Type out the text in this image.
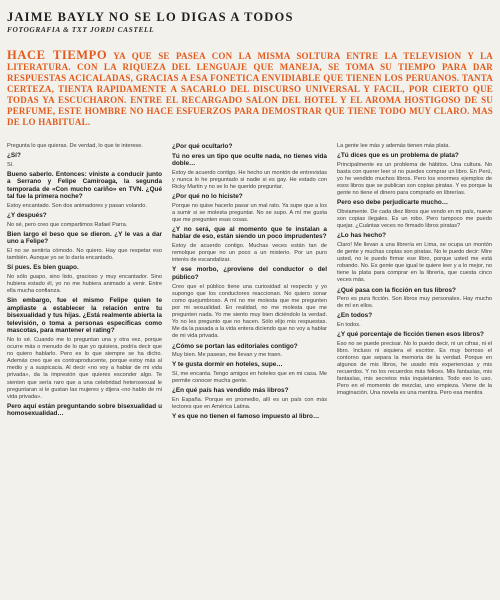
JAIME BAYLY NO SE LO DIGAS A TODOS
FOTOGRAFIA & TXT JORDI CASTELL
HACE TIEMPO YA QUE SE PASEA CON LA MISMA SOLTURA ENTRE LA TELEVISION Y LA LITERATURA. CON LA RIQUEZA DEL LENGUAJE QUE MANEJA, SE TOMA SU TIEMPO PARA DAR RESPUESTAS ACICALADAS, GRACIAS A ESA FONETICA ENVIDIABLE QUE TIENEN LOS PERUANOS. TANTA CERTEZA, TIENTA RAPIDAMENTE A SACARLO DEL DISCURSO UNIVERSAL Y FACIL, POR CIERTO QUE TODAS YA ESCUCHARON. ENTRE EL RECARGADO SALON DEL HOTEL Y EL AROMA HOSTIGOSO DE SU PERFUME, ESTE HOMBRE NO HACE ESFUERZOS PARA DEMOSTRAR QUE TIENE TODO MUY CLARO. MAS DE LO HABITUAL.

Pregunta lo que quieras. De verdad, lo que te interese.

¿Sí?

Sí.

Bueno saberlo. Entonces: viniste a conducir junto a Serrano y Felipe Camiroaga, la segunda temporada de «Con mucho cariño» en TVN. ¿Qué tal fue la primera noche?

Estoy encantado. Son dos animadores y pasan volando.

¿Y después?

No sé, pero creo que compartimos Rafael Parra.

Bien largo el beso que se dieron. ¿Y le vas a dar uno a Felipe?

El no se sentiría cómodo. No quiero. Hay que respetar eso también. Aunque yo se lo daría encantado.

Sí pues. Es bien guapo.

No sólo guapo, sino listo, gracioso y muy encantador. Sino hubiera estado él, yo no me hubiera animado a venir. Entre ella mucha confianza.

Sin embargo, fue el mismo Felipe quien te ampliaste a establecer la relación entre tu bisexualidad y tus hijas. ¿Está realmente abierta la televisión, o toma a personas especificas como mascotas, para mantener el rating?

No lo sé. Cuando me lo preguntan una y otra vez, porque ocurre más o menudo de lo que yo quisiera, podría decir que no quiero hablarlo. Pero es lo que siempre se ha dicho. Además creo que es contraproducente, porque estoy más al medio y a suspicacia. Al decir «no voy a hablar de mi vida privada», da la impresión que quieres esconder algo. Te sienten que sería raro que a una celebridad heterosexual le preguntaran si le gustan las mujeres y dijera «no hablo de mi vida privada».

Pero aquí están preguntando sobre bisexualidad u homosexualidad…

¿Por qué ocultarlo?

Tú no eres un tipo que oculte nada, no tienes vida doble…

Estoy de acuerdo contigo. He hecho un montón de entrevistas y nunca lo he preguntado si nadie si es gay. He estado con Ricky Martin y no se lo he querido preguntar.

¿Por qué no lo hiciste?

Porque no quise hacerlo pasar un mal rato. Ya supe que a los a sumir si se molesta preguntar. No se supo. A mí me gusta que me pregunten esas cosas.

¿Y no será, que al momento que te instalan a hablar de eso, están siendo un poco imprudentes?

Estoy de acuerdo contigo. Muchas veces están tan de remolque porque no un poco a un misterio. Por un puro interés de escandalizar.

Y ese morbo, ¿proviene del conductor o del público?

Creo que el público tiene una curiosidad al respecto y yo supongo que los conductores reaccionan. No quiero sonar como quejumbroso. A mí no me molesta que me pregunten por mi sexualidad. En realidad, no me molesta que me pregunten nada. Yo me siento muy bien diciéndolo la verdad. Yo no les pregunto que no hacen. Sólo elijo mis respuestas. Me da la pasada a la vida entera diciendo que no voy a hablar de mi vida privada.

¿Cómo se portan las editoriales contigo?

Muy bien. Me pasean, me llevan y me traen.

Y te gusta dormir en hoteles, supe…

Sí, me encanta. Tengo amigos en hoteles que en mi casa. Me permite conocer mucha gente.

¿En qué país has vendido más libros?

En España. Porque en promedio, allí es un país con más lectores que en América Latina.

Y es que no tienen el famoso impuesto al libro…

La gente lee más y además tienen más plata.

¿Tú dices que es un problema de plata?

Principalmente es un problema de hábitos. Una cultura. No basta con querer leer si no puedes comprar un libro. En Perú, yo he vendido muchos libros. Pero los enormes ejemplos de esos libros que se publican son copias piratas. Y es porque la gente no tiene el dinero para comprarlo en librerías.

Pero eso debe perjudicarte mucho…

Obviamente. De cada diez libros que vendo en mi país, nueve son copias ilegales. Es un robo. Pero tampoco me puedo quejar. ¿Cuántas veces no firmado libros piratas?

¿Lo has hecho?

Claro! Me llevan a una librería en Lima, se ocupa un montón de gente y muchas copias son piratas. No le puedo decir: Mire usted, no le puedo firmar ese libro, porque usted me está robando. No. Es gente que igual te quiere leer y a lo mejor, no tiene la plata para comprar en la librería, que cuesta cinco veces más.

¿Qué pasa con la ficción en tus libros?

Pero es pura ficción. Son libros muy personales. Hay mucho de mí en ellos.

¿En todos?

En todos.

¿Y qué porcentaje de ficción tienen esos libros?

Eso no se puede precisar. No lo puedo decir, ni un cifras, ni el libro. Incluso ni siquiera el escritor. Es muy borroso el contorno que separa la memoria de la verdad. Porque en algunos de mis libros, he usado mis experiencias y mis recuerdos. Y no los recuerdos más felices. Mis fantasías, mis fantasías, mis secretos más inquietantes. Todo eso lo uso. Pero en el momento de mezclar, uno empieza. Viene de la imaginación. Una novela es una mentira. Pero esa mentira
